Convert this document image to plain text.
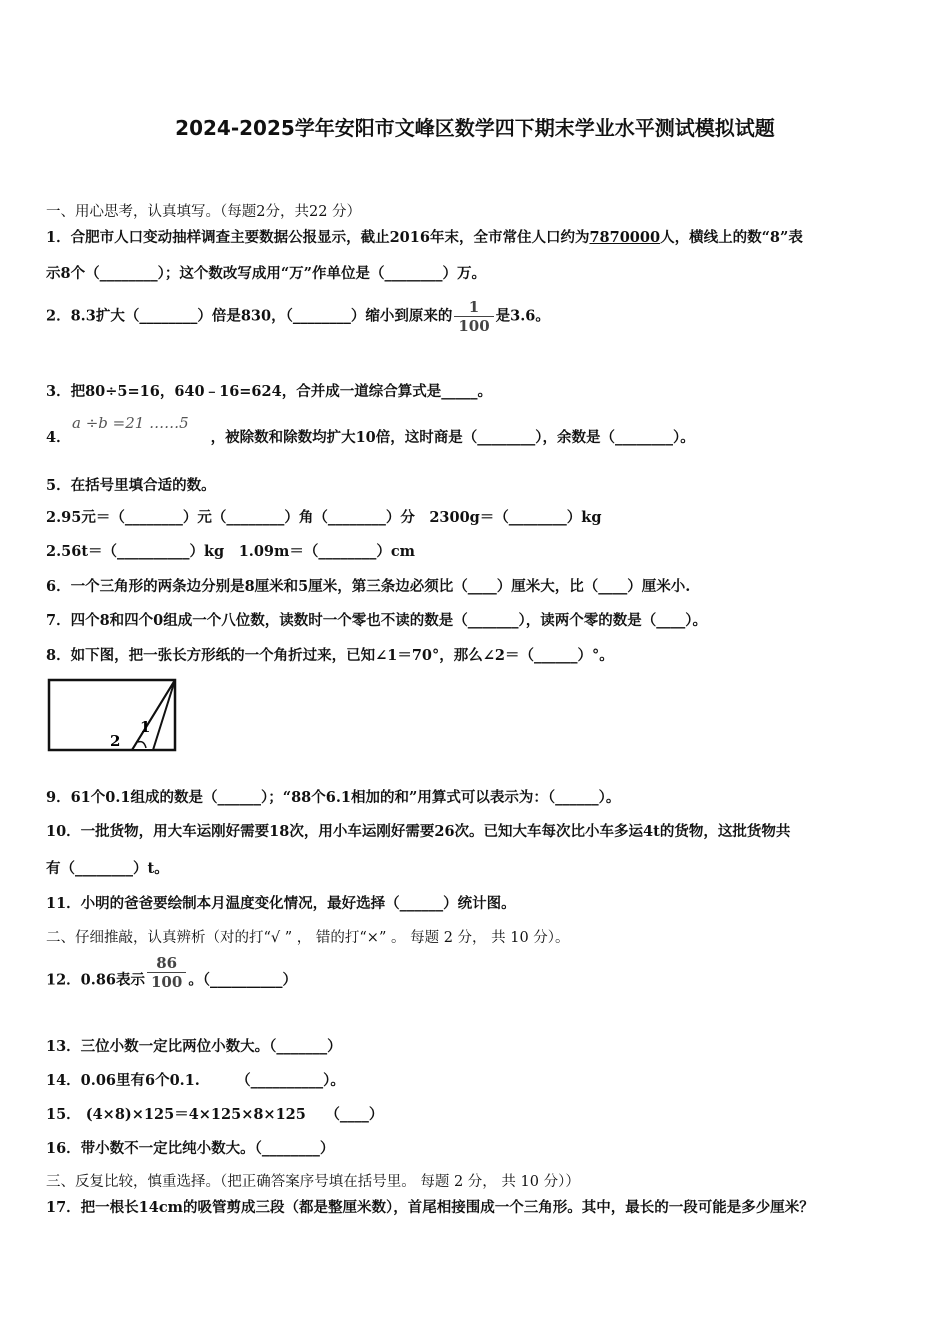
2024-2025学年安阳市文峰区数学四下期末学业水平测试模拟试题
一、用心思考，认真填写。（每题2分，共22 分）
1．合肥市人口变动抽样调查主要数据公报显示，截止2016年末，全市常住人口约为7870000人，横线上的数“8”表
示8个（________）；这个数改写成用“万”作单位是（________）万。
2．8.3扩大（________）倍是830，（________）缩小到原来的 $\frac{1}{100}$ 是3.6。
3．把80÷5=16，640﹣16=624，合并成一道综合算式是_____。
4．	，被除数和除数均扩大10倍，这时商是（________），余数是（________）。
a ÷b =21 ……5
5．在括号里填合适的数。
2.95元＝（________）元（________）角（________）分　2300g＝（________）kg
2.56t＝（__________）kg　1.09m＝（________）cm
6．一个三角形的两条边分别是8厘米和5厘米，第三条边必须比（____）厘米大，比（____）厘米小.
7．四个8和四个0组成一个八位数，读数时一个零也不读的数是（_______），读两个零的数是（____）。
8．如下图，把一张长方形纸的一个角折过来，已知∠1＝70°，那么∠2＝（______）°。
1
2
9．61个0.1组成的数是（______）；“88个6.1相加的和”用算式可以表示为：（______）。
10．一批货物，用大车运刚好需要18次，用小车运刚好需要26次。已知大车每次比小车多运4t的货物，这批货物共
有（________）t。
11．小明的爸爸要绘制本月温度变化情况，最好选择（______）统计图。
二、仔细推敲，认真辨析（对的打“√ ” ， 错的打“×” 。 每题 2 分， 共 10 分）。
12．0.86表示 $\frac{86}{100}$ 。（__________）
13．三位小数一定比两位小数大。（_______）
14．0.06里有6个0.1.　　　（__________）。
15． (4×8)×125＝4×125×8×125　 （____）
16．带小数不一定比纯小数大。（________）
三、反复比较，慎重选择。（把正确答案序号填在括号里。 每题 2 分， 共 10 分））
17．把一根长14cm的吸管剪成三段（都是整厘米数），首尾相接围成一个三角形。其中，最长的一段可能是多少厘米？
